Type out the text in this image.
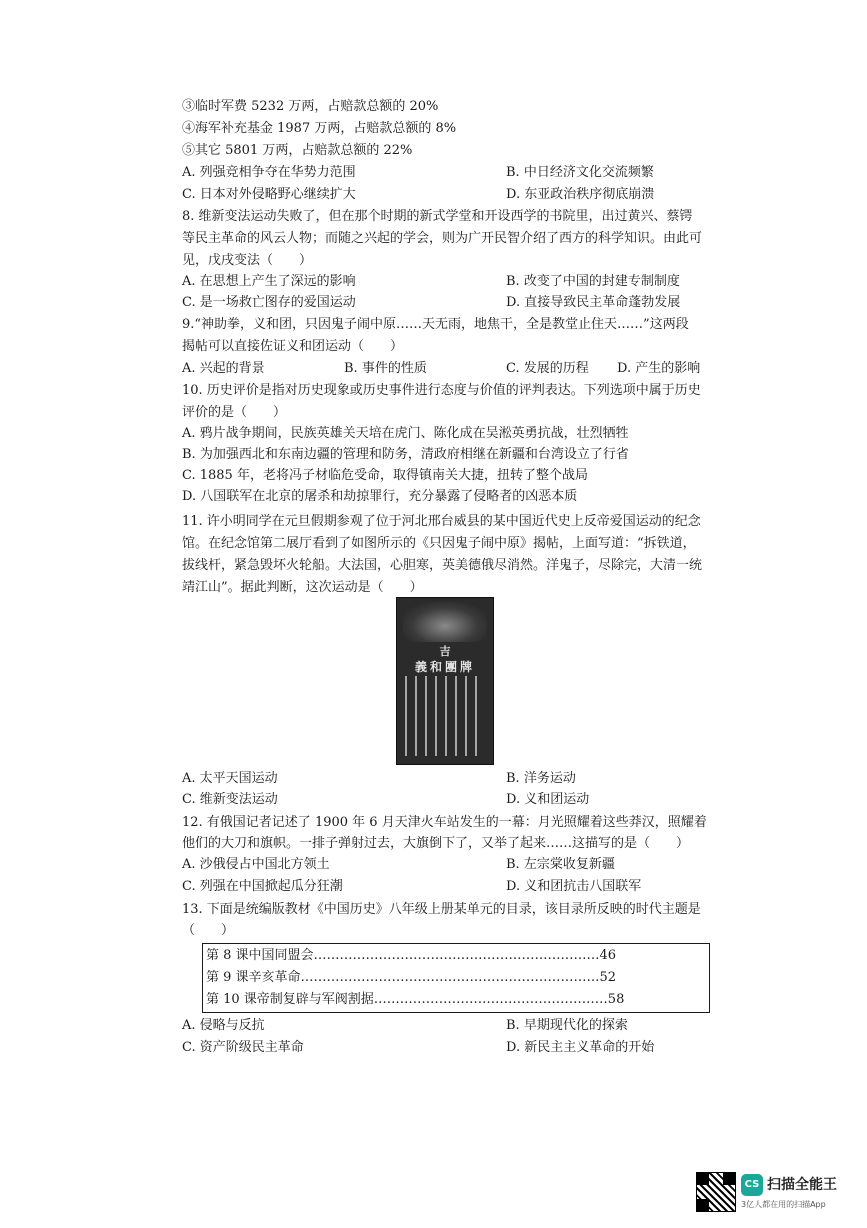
③临时军费 5232 万两，占赔款总额的 20%
④海军补充基金 1987 万两，占赔款总额的 8%
⑤其它 5801 万两，占赔款总额的 22%
A. 列强竞相争夺在华势力范围	B. 中日经济文化交流频繁
C. 日本对外侵略野心继续扩大	D. 东亚政治秩序彻底崩溃
8. 维新变法运动失败了，但在那个时期的新式学堂和开设西学的书院里，出过黄兴、蔡锷
等民主革命的风云人物；而随之兴起的学会，则为广开民智介绍了西方的科学知识。由此可
见，戊戌变法（　　）
A. 在思想上产生了深远的影响	B. 改变了中国的封建专制制度
C. 是一场救亡图存的爱国运动	D. 直接导致民主革命蓬勃发展
9.“神助拳，义和团，只因鬼子闹中原……天无雨，地焦干，全是教堂止住天……”这两段
揭帖可以直接佐证义和团运动（　　）
A. 兴起的背景	B. 事件的性质	C. 发展的历程 D. 产生的影响
10. 历史评价是指对历史现象或历史事件进行态度与价值的评判表达。下列选项中属于历史
评价的是（　　）
A. 鸦片战争期间，民族英雄关天培在虎门、陈化成在吴淞英勇抗战，壮烈牺牲
B. 为加强西北和东南边疆的管理和防务，清政府相继在新疆和台湾设立了行省
C. 1885 年，老将冯子材临危受命，取得镇南关大捷，扭转了整个战局
D. 八国联军在北京的屠杀和劫掠罪行，充分暴露了侵略者的凶恶本质
11. 许小明同学在元旦假期参观了位于河北邢台威县的某中国近代史上反帝爱国运动的纪念
馆。在纪念馆第二展厅看到了如图所示的《只因鬼子闹中原》揭帖，上面写道：“拆铁道，
拔线杆，紧急毁坏火轮船。大法国，心胆寒，英美德俄尽消然。洋鬼子，尽除完，大清一统
靖江山”。据此判断，这次运动是（　　）
吉
義和團牌
A. 太平天国运动	B. 洋务运动
C. 维新变法运动	D. 义和团运动
12. 有俄国记者记述了 1900 年 6 月天津火车站发生的一幕：月光照耀着这些莽汉，照耀着
他们的大刀和旗帜。一排子弹射过去，大旗倒下了，又举了起来……这描写的是（　　）
A. 沙俄侵占中国北方领土	B. 左宗棠收复新疆
C. 列强在中国掀起瓜分狂潮	D. 义和团抗击八国联军
13. 下面是统编版教材《中国历史》八年级上册某单元的目录，该目录所反映的时代主题是
（　　）
第 8 课中国同盟会…………………………………………………………46
第 9 课辛亥革命……………………………………………………………52
第 10 课帝制复辟与军阀割据………………………………………………58
A. 侵略与反抗	B. 早期现代化的探索
C. 资产阶级民主革命	D. 新民主主义革命的开始
CS 扫描全能王
3亿人都在用的扫描App
